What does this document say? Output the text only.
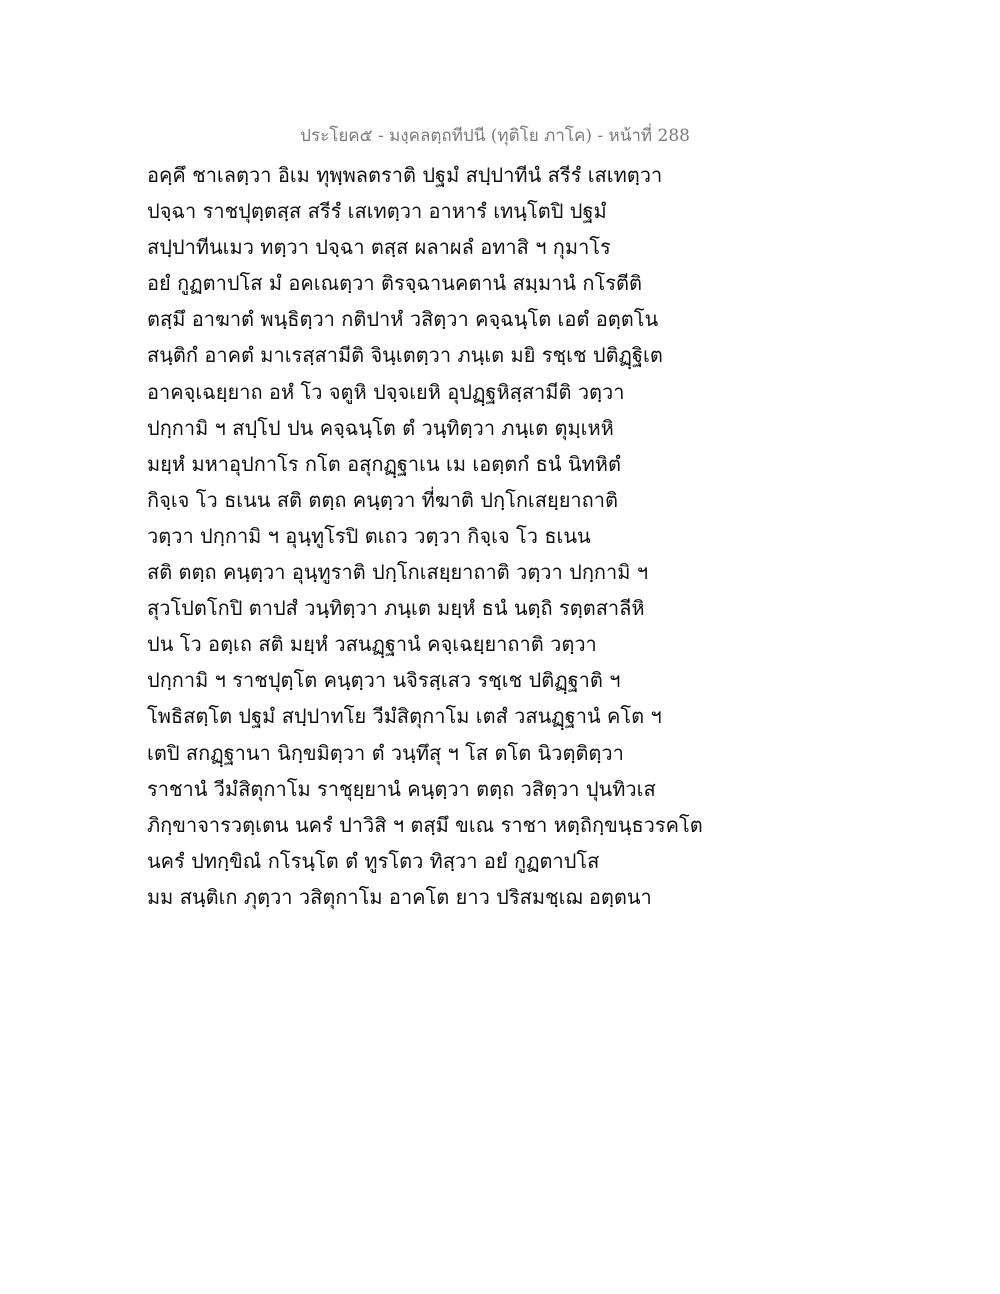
ประโยค๕ - มงฺคลตฺถทีปนี (ทุติโย ภาโค) - หน้าที่ 288
อคฺคึ ชาเลตฺวา อิเม ทุพฺพลตราติ ปฐมํ สปฺปาทีนํ สรีรํ เสเทตฺวา
ปจฺฉา ราชปุตฺตสฺส สรีรํ เสเทตฺวา อาหารํ เทนฺโตปิ ปฐมํ
สปฺปาทีนเมว ทตฺวา ปจฺฉา ตสฺส ผลาผลํ อทาสิ ฯ กุมาโร
อยํ กูฏตาปโส มํ อคเณตฺวา ติรจฺฉานคตานํ สมฺมานํ กโรตีติ
ตสฺมึ อาฆาตํ พนฺธิตฺวา กติปาหํ วสิตฺวา คจฺฉนฺโต เอตํ อตฺตโน
สนฺติกํ อาคตํ มาเรสฺสามีติ จินฺเตตฺวา ภนฺเต มยิ รชฺเช ปติฏฺฐิเต
อาคจฺเฉยฺยาถ อหํ โว จตูหิ ปจฺจเยหิ อุปฏฺฐหิสฺสามีติ วตฺวา
ปกฺกามิ ฯ สปฺโป ปน คจฺฉนฺโต ตํ วนฺทิตฺวา ภนฺเต ตุมฺเหหิ
มยฺหํ มหาอุปกาโร กโต อสุกฏฺฐาเน เม เอตฺตกํ ธนํ นิทหิตํ
กิจฺเจ โว ธเนน สติ ตตฺถ คนฺตฺวา ที่ฆาติ ปกฺโกเสยฺยาถาติ
วตฺวา ปกฺกามิ ฯ อุนฺทูโรปิ ตเถว วตฺวา กิจฺเจ โว ธเนน
สติ ตตฺถ คนฺตฺวา อุนฺทูราติ ปกฺโกเสยฺยาถาติ วตฺวา ปกฺกามิ ฯ
สุวโปตโกปิ ตาปสํ วนฺทิตฺวา ภนฺเต มยฺหํ ธนํ นตฺถิ รตฺตสาลีหิ
ปน โว อตฺเถ สติ มยฺหํ วสนฏฺฐานํ คจฺเฉยฺยาถาติ วตฺวา
ปกฺกามิ ฯ ราชปุตฺโต คนฺตฺวา นจิรสฺเสว รชฺเช ปติฏฺฐาติ ฯ
โพธิสตฺโต ปฐมํ สปฺปาทโย วีมํสิตุกาโม เตสํ วสนฏฺฐานํ คโต ฯ
เตปิ สกฏฺฐานา นิกฺขมิตฺวา ตํ วนฺทึสุ ฯ โส ตโต นิวตฺติตฺวา
ราชานํ วีมํสิตุกาโม ราชุยฺยานํ คนฺตฺวา ตตฺถ วสิตฺวา ปุนทิวเส
ภิกฺขาจารวตฺเตน นครํ ปาวิสิ ฯ ตสฺมึ ขเณ ราชา หตฺถิกฺขนฺธวรคโต
นครํ ปทกฺขิณํ กโรนฺโต ตํ ทูรโตว ทิสฺวา อยํ กูฏตาปโส
มม สนฺติเก ภุตฺวา วสิตุกาโม อาคโต ยาว ปริสมชฺเฌ อตฺตนา
